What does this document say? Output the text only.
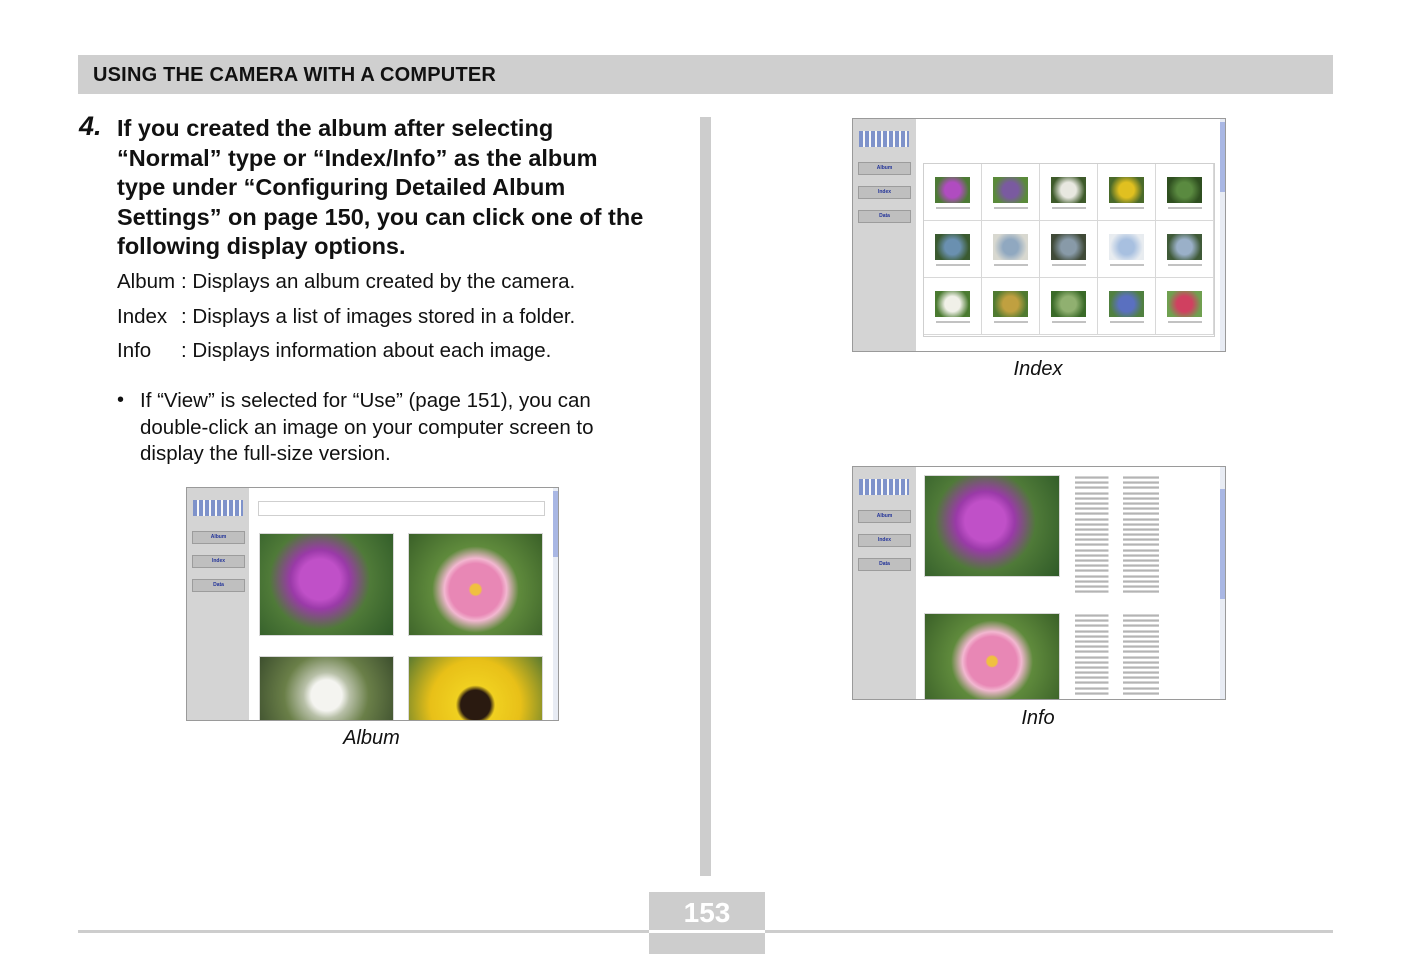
USING THE CAMERA WITH A COMPUTER
4. If you created the album after selecting “Normal” type or “Index/Info” as the album type under “Configuring Detailed Album Settings” on page 150, you can click one of the following display options.
Album : Displays an album created by the camera.
Index : Displays a list of images stored in a folder.
Info : Displays information about each image.
• If “View” is selected for “Use” (page 151), you can double-click an image on your computer screen to display the full-size version.
Album
Index
Data
Album
Album
Index
Data
Index
Album
Index
Data
Info
153
